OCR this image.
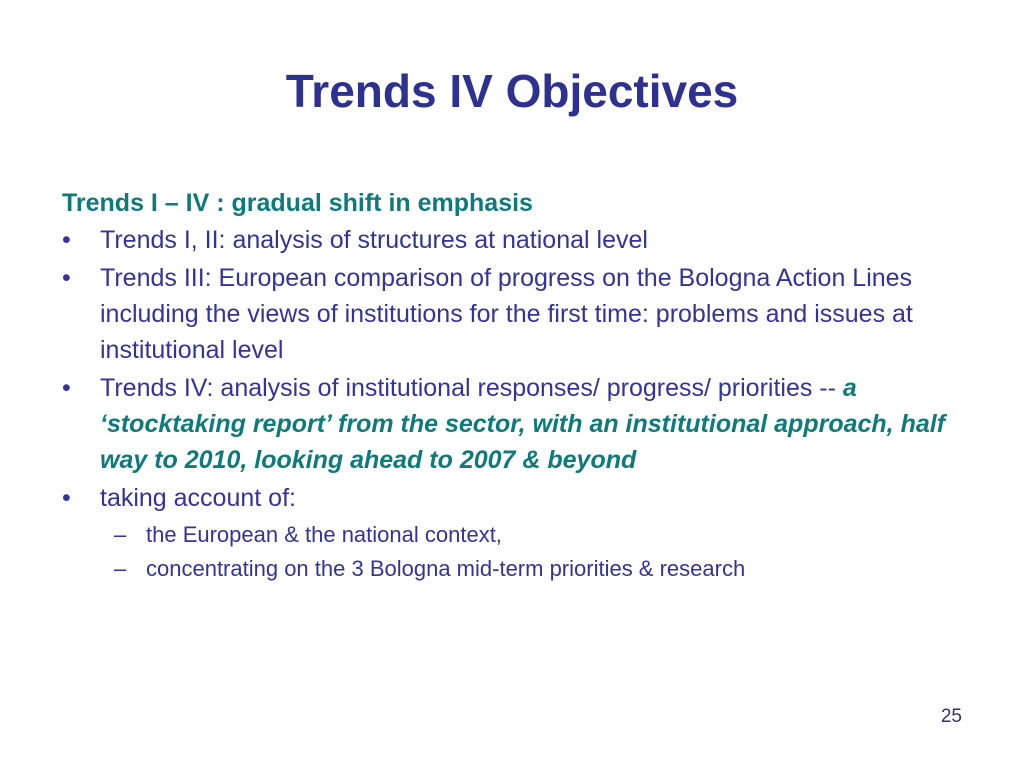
Trends IV Objectives
Trends I – IV : gradual shift in emphasis
•	Trends I, II: analysis of structures at national level
•	Trends III: European comparison of progress on the Bologna Action Lines including the views of institutions for the first time: problems and issues at institutional level
•	Trends IV: analysis of institutional responses/ progress/ priorities -- a ‘stocktaking report’ from the sector, with an institutional approach, half way to 2010, looking ahead to 2007 & beyond
•	taking account of:
– the European & the national context,
– concentrating on the 3 Bologna mid-term priorities & research
25
